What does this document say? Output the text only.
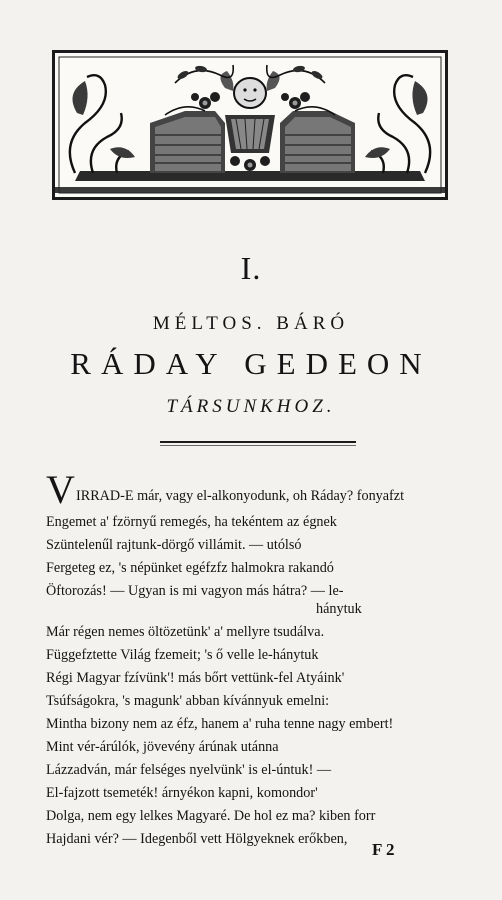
I.
MÉLTOS. BÁRÓ
RÁDAY GEDEON
TÁRSUNKHOZ.
V IRRAD-E már, vagy el-alkonyodunk, oh Ráday? fonyafzt
Engemet a' fzörnyű remegés, ha tekéntem az égnek
Szüntelenűl rajtunk-dörgő villámit. — utólsó
Fergeteg ez, 's népünket egéfzfz halmokra rakandó
Öftorozás! — Ugyan is mi vagyon más hátra? — le-
hánytuk
Már régen nemes öltözetünk' a' mellyre tsudálva.
Függefztette Világ fzemeit; 's ő velle le-hánytuk
Régi Magyar fzívünk'! más bőrt vettünk-fel Atyáink'
Tsúfságokra, 's magunk' abban kívánnyuk emelni:
Mintha bizony nem az éfz, hanem a' ruha tenne nagy embert!
Mint vér-árúlók, jövevény árúnak utánna
Lázzadván, már felséges nyelvünk' is el-úntuk! —
El-fajzott tsemeték! árnyékon kapni, komondor'
Dolga, nem egy lelkes Magyaré. De hol ez ma? kiben forr
Hajdani vér? — Idegenből vett Hölgyeknek erőkben,
F 2
